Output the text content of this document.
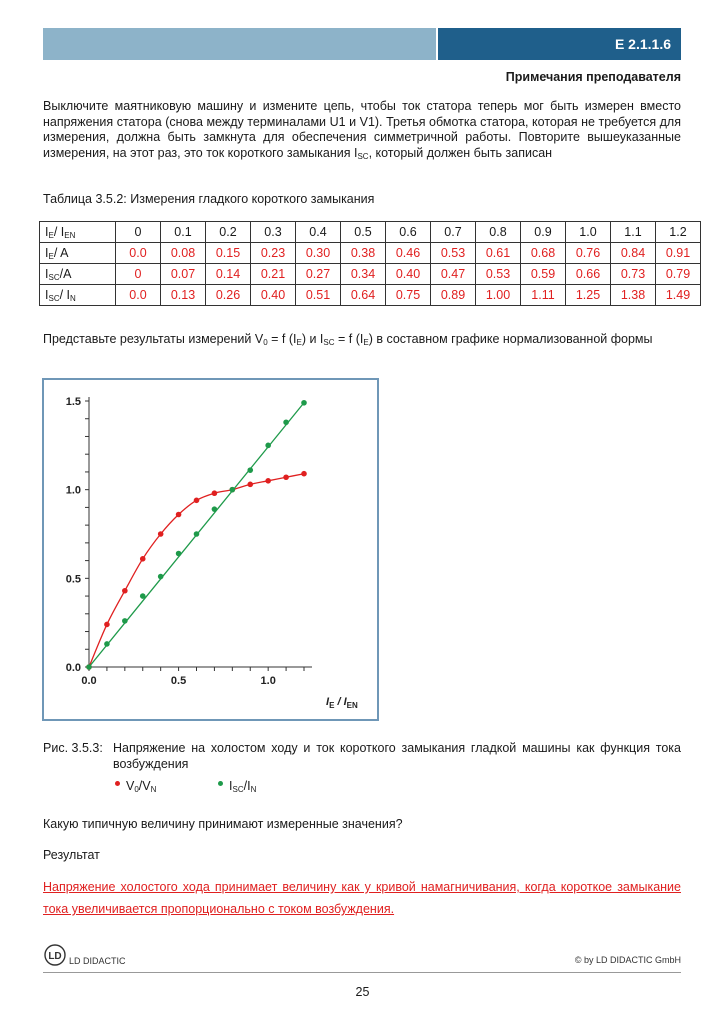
E 2.1.1.6
Примечания преподавателя
Выключите маятниковую машину и измените цепь, чтобы ток статора теперь мог быть измерен вместо напряжения статора (снова между терминалами U1 и V1). Третья обмотка статора, которая не требуется для измерения, должна быть замкнута для обеспечения симметричной работы. Повторите вышеуказанные измерения, на этот раз, это ток короткого замыкания $I_{SC}$, который должен быть записан
Таблица 3.5.2: Измерения гладкого короткого замыкания
$I_E/$ $I_{EN}$	0	0.1	0.2	0.3	0.4	0.5	0.6	0.7	0.8	0.9	1.0	1.1	1.2
$I_E/$ A	0.0	0.08	0.15	0.23	0.30	0.38	0.46	0.53	0.61	0.68	0.76	0.84	0.91
$I_{SC}/A$	0	0.07	0.14	0.21	0.27	0.34	0.40	0.47	0.53	0.59	0.66	0.73	0.79
$I_{SC}/$ $I_N$	0.0	0.13	0.26	0.40	0.51	0.64	0.75	0.89	1.00	1.11	1.25	1.38	1.49
Представьте результаты измерений $V_0 = f$ $(I_E)$ и $I_{SC} = f$ $(I_E)$ в составном графике нормализованной формы
0.0	0.5	1.0
0.0
0.5
1.0
1.5
$I_E / I_{EN}$
Рис. 3.5.3: Напряжение на холостом ходу и ток короткого замыкания гладкой машины как функция тока возбуждения
$V_0/V_N$	$I_{SC}/I_N$
Какую типичную величину принимают измеренные значения?
Результат
Напряжение холостого хода принимает величину как у кривой намагничивания, когда короткое замыкание тока увеличивается пропорционально с током возбуждения.
LD LD DIDACTIC	© by LD DIDACTIC GmbH
25
